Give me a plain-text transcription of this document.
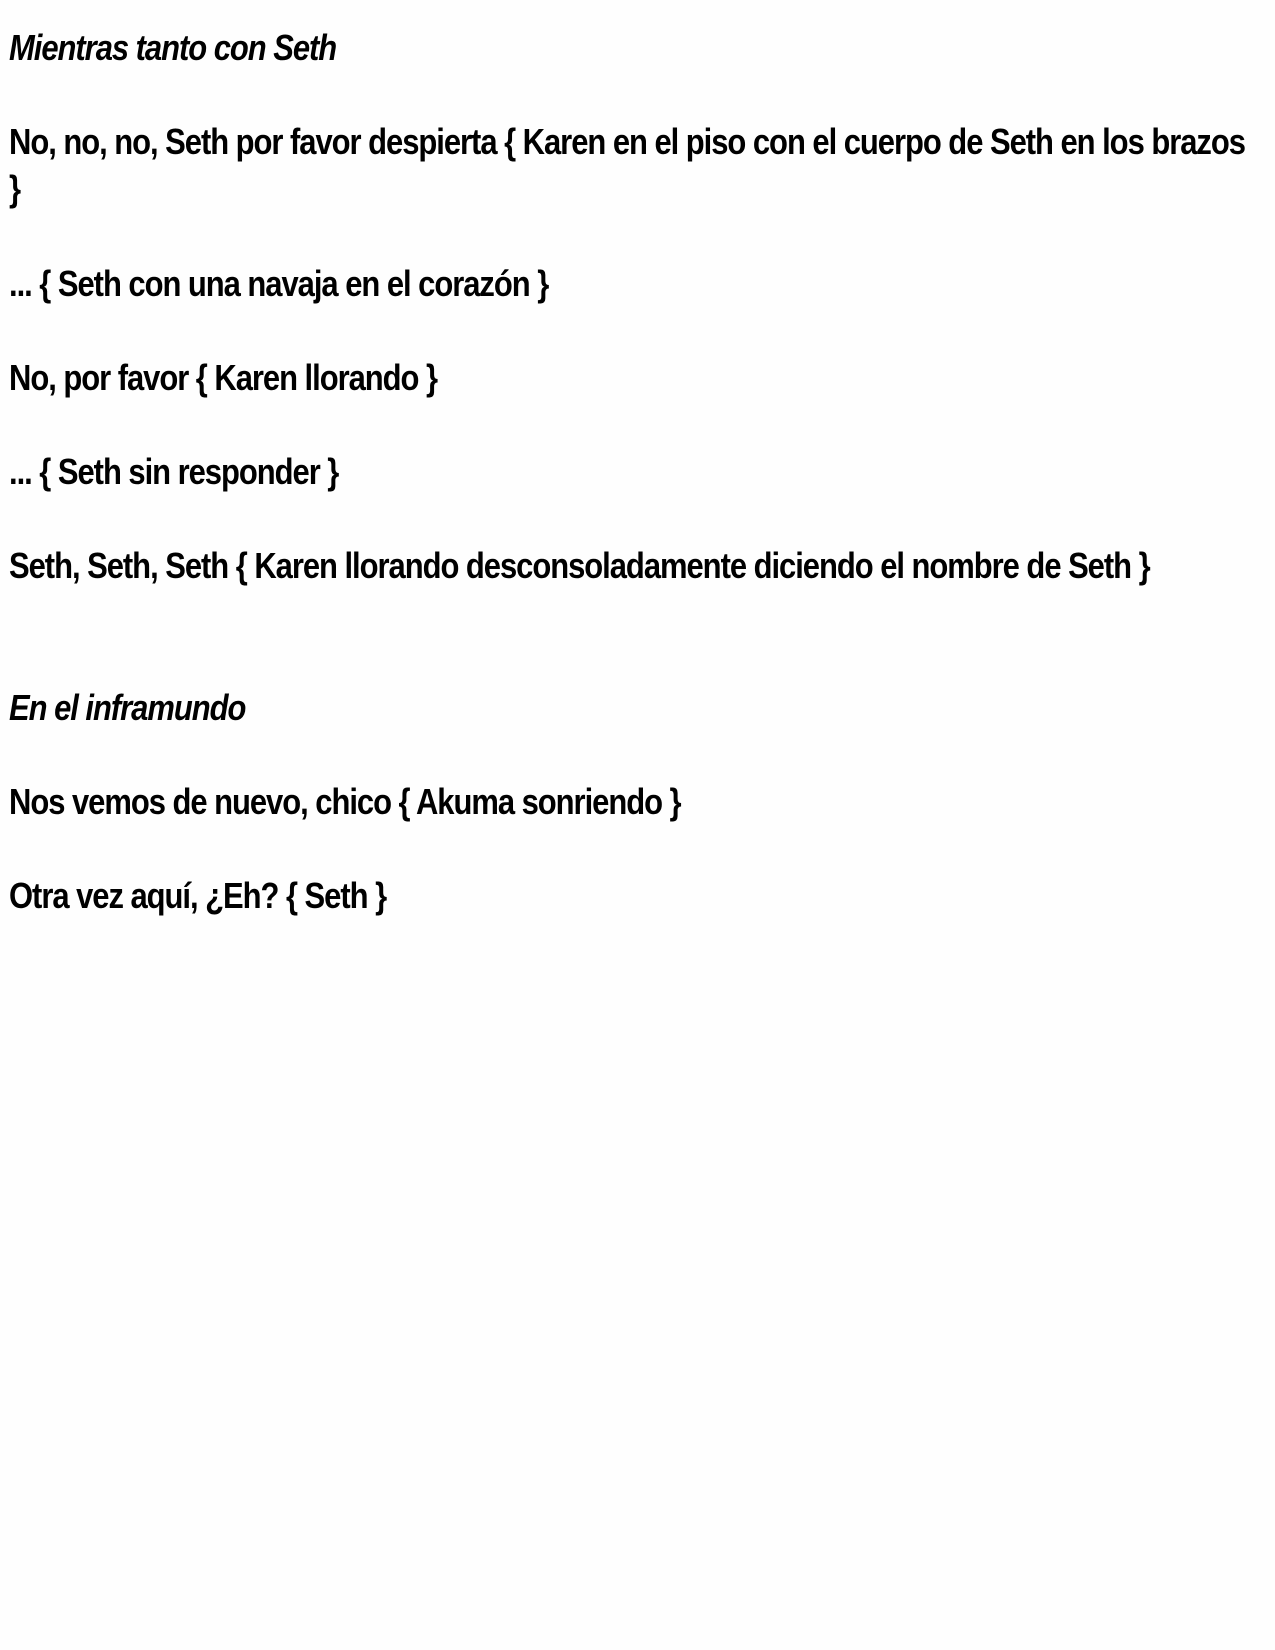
Mientras tanto con Seth

No, no, no, Seth por favor despierta { Karen en el piso con el cuerpo de Seth en los brazos }

... { Seth con una navaja en el corazón }

No, por favor { Karen llorando }

... { Seth sin responder }

Seth, Seth, Seth { Karen llorando desconsoladamente diciendo el nombre de Seth }

En el inframundo

Nos vemos de nuevo, chico { Akuma sonriendo }

Otra vez aquí, ¿Eh? { Seth }
